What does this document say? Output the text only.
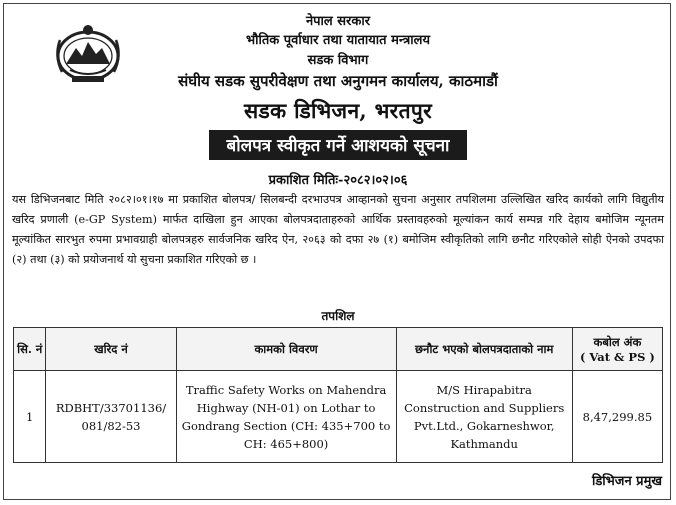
नेपाल सरकार
भौतिक पूर्वाधार तथा यातायात मन्त्रालय
सडक विभाग
संघीय सडक सुपरीवेक्षण तथा अनुगमन कार्यालय, काठमाडौं
सडक डिभिजन, भरतपुर
बोलपत्र स्वीकृत गर्ने आशयको सूचना
प्रकाशित मितिः-२०८२।०२।०६
यस डिभिजनबाट मिति २०८२।०१।१७ मा प्रकाशित बोलपत्र/ सिलबन्दी दरभाउपत्र आव्हानको सुचना अनुसार तपशिलमा उल्लिखित खरिद कार्यको लागि विद्युतीय खरिद प्रणाली (e-GP System) मार्फत दाखिला हुन आएका बोलपत्रदाताहरुको आर्थिक प्रस्तावहरुको मूल्यांकन कार्य सम्पन्न गरि देहाय बमोजिम न्यूनतम मूल्यांकित सारभुत रुपमा प्रभावग्राही बोलपत्रहरु सार्वजनिक खरिद ऐन, २०६३ को दफा २७ (१) बमोजिम स्वीकृतिको लागि छनौट गरिएकोले सोही ऐनको उपदफा (२) तथा (३) को प्रयोजनार्थ यो सुचना प्रकाशित गरिएको छ ।
तपशिल
सि. नं	खरिद नं	कामको विवरण	छनौट भएको बोलपत्रदाताको नाम	कबोल अंक
( Vat & PS )

1	RDBHT/33701136/ 081/82-53	Traffic Safety Works on Mahendra Highway (NH-01) on Lothar to Gondrang Section (CH: 435+700 to CH: 465+800)	M/S Hirapabitra Construction and Suppliers Pvt.Ltd., Gokarneshwor, Kathmandu	8,47,299.85
डिभिजन प्रमुख
